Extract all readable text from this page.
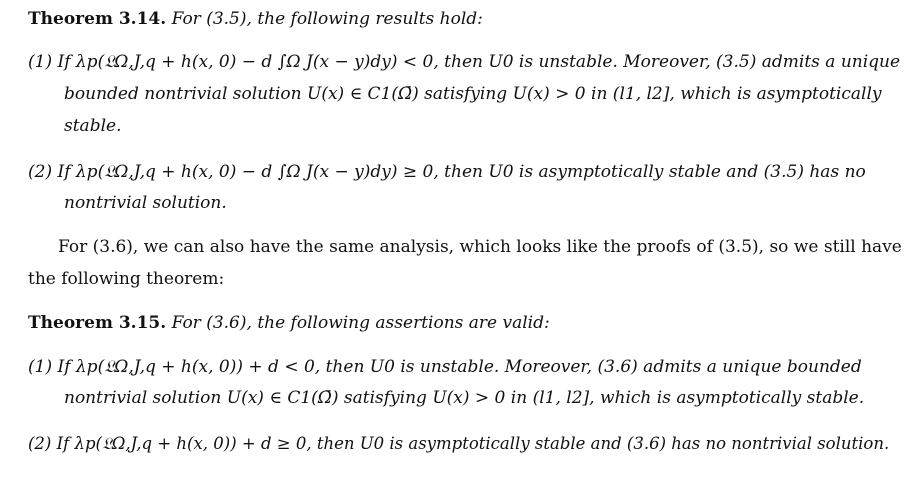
Theorem 3.14. For (3.5), the following results hold:
(1) If λp(𝔏Ω,J,q + h(x, 0) − d ∫Ω J(x − y)dy) < 0, then U0 is unstable. Moreover, (3.5) admits a unique
bounded nontrivial solution U(x) ∈ C1(Ω̄) satisfying U(x) > 0 in (l1, l2], which is asymptotically
stable.
(2) If λp(𝔏Ω,J,q + h(x, 0) − d ∫Ω J(x − y)dy) ≥ 0, then U0 is asymptotically stable and (3.5) has no
nontrivial solution.
For (3.6), we can also have the same analysis, which looks like the proofs of (3.5), so we still have
the following theorem:
Theorem 3.15. For (3.6), the following assertions are valid:
(1) If λp(𝔏Ω,J,q + h(x, 0)) + d < 0, then U0 is unstable. Moreover, (3.6) admits a unique bounded
nontrivial solution U(x) ∈ C1(Ω̄) satisfying U(x) > 0 in (l1, l2], which is asymptotically stable.
(2) If λp(𝔏Ω,J,q + h(x, 0)) + d ≥ 0, then U0 is asymptotically stable and (3.6) has no nontrivial solution.
